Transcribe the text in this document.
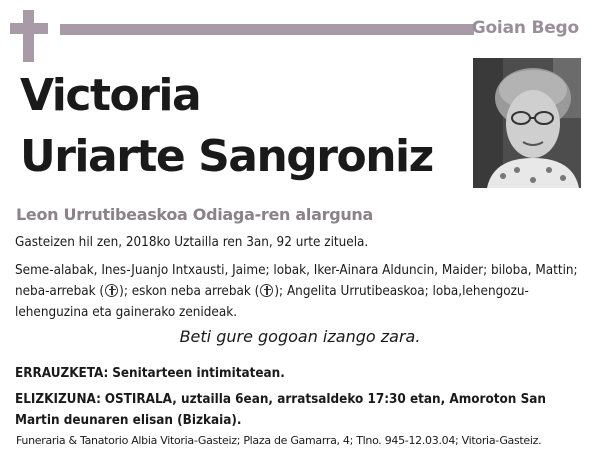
Goian Bego
Victoria
Uriarte Sangroniz
Leon Urrutibeaskoa Odiaga-ren alarguna
Gasteizen hil zen, 2018ko Uztailla ren 3an, 92 urte zituela.
Seme-alabak, Ines-Juanjo Intxausti, Jaime; lobak, Iker-Ainara Alduncin, Maider; biloba, Mattin; neba-arrebak ( ); eskon neba arrebak ( ); Angelita Urrutibeaskoa; loba,lehengozu-lehenguzina eta gainerako zenideak.
Beti gure gogoan izango zara.
ERRAUZKETA: Senitarteen intimitatean.
ELIZKIZUNA: OSTIRALA, uztailla 6ean, arratsaldeko 17:30 etan, Amoroton San Martin deunaren elisan (Bizkaia).
Funeraria & Tanatorio Albia Vitoria-Gasteiz; Plaza de Gamarra, 4; Tlno. 945-12.03.04; Vitoria-Gasteiz.
